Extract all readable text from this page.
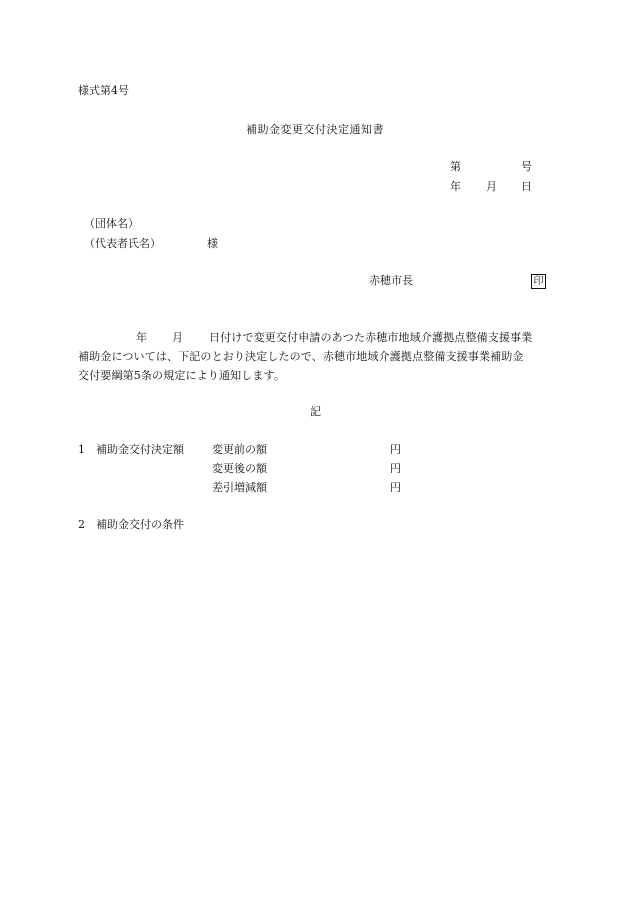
様式第4号
補助金変更交付決定通知書
第	号
年 月 日
（団体名）
（代表者氏名）	様
赤穂市長	印
年 月 日付けで変更交付申請のあつた赤穂市地域介護拠点整備支援事業
補助金については、下記のとおり決定したので、赤穂市地域介護拠点整備支援事業補助金
交付要綱第5条の規定により通知します。
記
1 補助金交付決定額	変更前の額	円
変更後の額	円
差引増減額	円
2 補助金交付の条件
